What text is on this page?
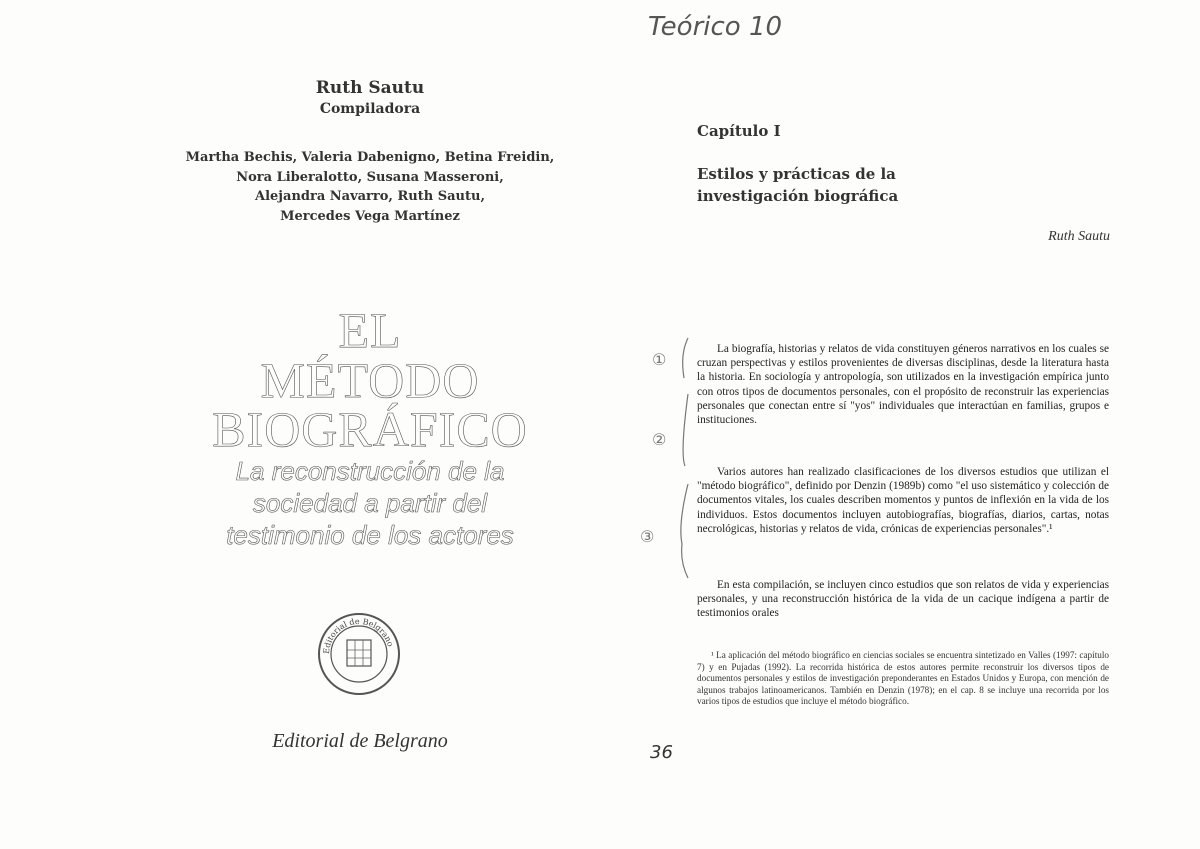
Ruth Sautu
Compiladora
Martha Bechis, Valeria Dabenigno, Betina Freidin,
Nora Liberalotto, Susana Masseroni,
Alejandra Navarro, Ruth Sautu,
Mercedes Vega Martínez
EL
MÉTODO
BIOGRÁFICO
La reconstrucción de la
sociedad a partir del
testimonio de los actores
Editorial de Belgrano
Editorial de Belgrano
Teórico 10
Capítulo I
Estilos y prácticas de la
investigación biográfica
Ruth Sautu
La biografía, historias y relatos de vida constituyen géneros narrativos en los cuales se cruzan perspectivas y estilos provenientes de diversas disciplinas, desde la literatura hasta la historia. En sociología y antropología, son utilizados en la investigación empírica junto con otros tipos de documentos personales, con el propósito de reconstruir las experiencias personales que conectan entre sí "yos" individuales que interactúan en familias, grupos e instituciones.
Varios autores han realizado clasificaciones de los diversos estudios que utilizan el "método biográfico", definido por Denzin (1989b) como "el uso sistemático y colección de documentos vitales, los cuales describen momentos y puntos de inflexión en la vida de los individuos. Estos documentos incluyen autobiografías, biografías, diarios, cartas, notas necrológicas, historias y relatos de vida, crónicas de experiencias personales".¹
En esta compilación, se incluyen cinco estudios que son relatos de vida y experiencias personales, y una reconstrucción histórica de la vida de un cacique indígena a partir de testimonios orales
¹ La aplicación del método biográfico en ciencias sociales se encuentra sintetizado en Valles (1997: capítulo 7) y en Pujadas (1992). La recorrida histórica de estos autores permite reconstruir los diversos tipos de documentos personales y estilos de investigación preponderantes en Estados Unidos y Europa, con mención de algunos trabajos latinoamericanos. También en Denzin (1978); en el cap. 8 se incluye una recorrida por los varios tipos de estudios que incluye el método biográfico.
36
①
②
③
